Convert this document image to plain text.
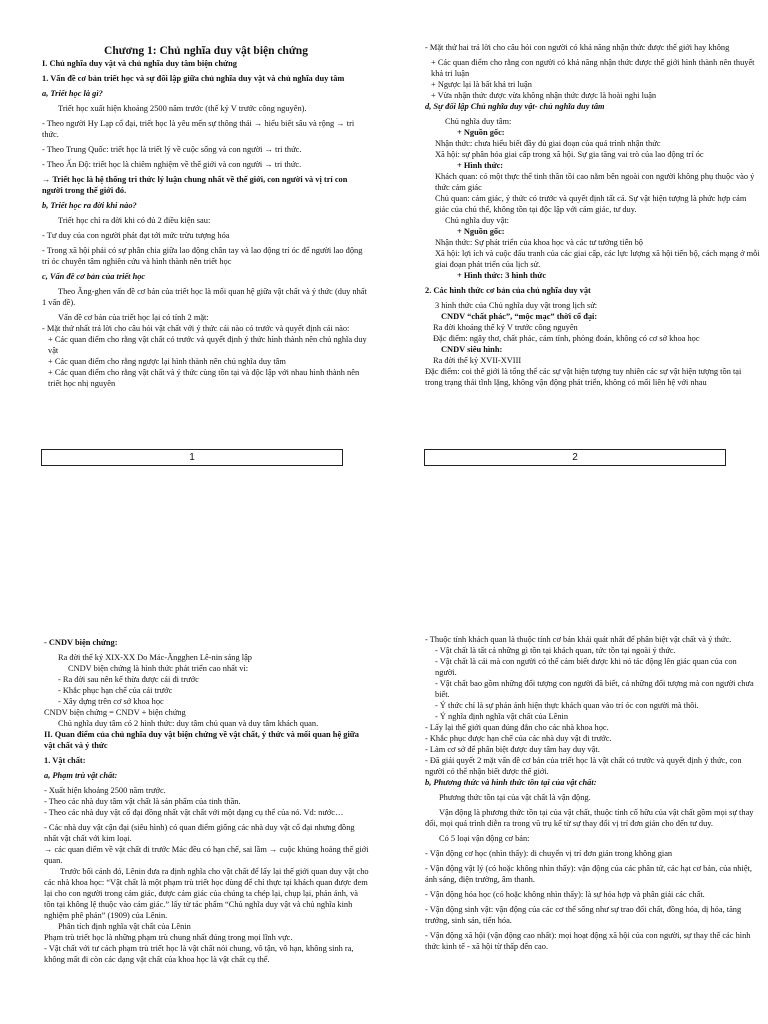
Chương 1: Chủ nghĩa duy vật biện chứng

I. Chủ nghĩa duy vật và chủ nghĩa duy tâm biện chứng

1. Vấn đề cơ bản triết học và sự đối lập giữa chủ nghĩa duy vật và chủ nghĩa duy tâm

a, Triết học là gì?

Triết học xuất hiện khoảng 2500 năm trước (thế kỷ V trước công nguyên).

- Theo người Hy Lạp cổ đại, triết học là yêu mến sự thông thái → hiểu biết sâu và rộng → tri thức.

- Theo Trung Quốc: triết học là triết lý về cuộc sống và con người → tri thức.

- Theo Ấn Độ: triết học là chiêm nghiệm về thế giới và con người → tri thức.

→ Triết học là hệ thống tri thức lý luận chung nhất về thế giới, con người và vị trí con người trong thế giới đó.

b, Triết học ra đời khi nào?

Triết học chỉ ra đời khi có đủ 2 điều kiện sau:

- Tư duy của con người phát đạt tới mức trừu tượng hóa

- Trong xã hội phải có sự phân chia giữa lao động chân tay và lao động trí óc để người lao động trí óc chuyên tâm nghiên cứu và hình thành nên triết học

c, Vấn đề cơ bản của triết học

Theo Ăng-ghen vấn đề cơ bản của triết học là mối quan hệ giữa vật chất và ý thức (duy nhất 1 vấn đề).

Vấn đề cơ bản của triết học lại có tính 2 mặt:

- Mặt thứ nhất trả lời cho câu hỏi vật chất với ý thức cái nào có trước và quyết định cái nào:

+ Các quan điểm cho rằng vật chất có trước và quyết định ý thức hình thành nên chủ nghĩa duy vật

+ Các quan điểm cho rằng ngược lại hình thành nên chủ nghĩa duy tâm

+ Các quan điểm cho rằng vật chất và ý thức cùng tồn tại và độc lập với nhau hình thành nên triết học nhị nguyên

1

- Mặt thứ hai trả lời cho câu hỏi con người có khả năng nhận thức được thế giới hay không

+ Các quan điểm cho rằng con người có khả năng nhận thức được thế giới hình thành nên thuyết khả tri luận

+ Ngược lại là bất khả tri luận

+ Vừa nhận thức được vừa không nhận thức được là hoài nghi luận

d, Sự đối lập Chủ nghĩa duy vật- chủ nghĩa duy tâm

Chủ nghĩa duy tâm:

+ Nguồn gốc:

Nhận thức: chưa hiểu biết đầy đủ giai đoạn của quá trình nhận thức

Xã hội: sự phân hóa giai cấp trong xã hội. Sự gia tăng vai trò của lao động trí óc

+ Hình thức:

Khách quan: có một thực thể tinh thần tồi cao nằm bên ngoài con người không phụ thuộc vào ý thức cảm giác

Chủ quan: cảm giác, ý thức có trước và quyết định tất cả. Sự vật hiện tượng là phức hợp cảm giác của chủ thể, không tồn tại độc lập với cảm giác, tư duy.

Chủ nghĩa duy vật:

+ Nguồn gốc:

Nhận thức: Sự phát triển của khoa học và các tư tưởng tiến bộ

Xã hội: lợi ích và cuộc đấu tranh của các giai cấp, các lực lượng xã hội tiến bộ, cách mạng ở mỗi giai đoạn phát triển của lịch sử.

+ Hình thức: 3 hình thức

2. Các hình thức cơ bản của chủ nghĩa duy vật

3 hình thức của Chủ nghĩa duy vật trong lịch sử:

CNDV “chất phác”, “mộc mạc” thời cổ đại:

Ra đời khoảng thế kỷ V trước công nguyên

Đặc điểm: ngây thơ, chất phác, cảm tính, phỏng đoán, không có cơ sở khoa học

CNDV siêu hình:

Ra đời thế kỷ XVII-XVIII

Đặc điểm: coi thế giới là tổng thể các sự vật hiện tượng tuy nhiên các sự vật hiện tượng tồn tại trong trạng thái tĩnh lặng, không vận động phát triển, không có mối liên hệ với nhau

2

- CNDV biện chứng:

Ra đời thế kỷ XIX-XX Do Mác-Ăngghen Lê-nin sáng lập

CNDV biện chứng là hình thức phát triển cao nhất vì:

- Ra đời sau nên kế thừa được cái đi trước

- Khắc phục hạn chế của cái trước

- Xây dựng trên cơ sở khoa học

CNDV biện chứng = CNDV + biện chứng

Chủ nghĩa duy tâm có 2 hình thức: duy tâm chủ quan và duy tâm khách quan.

II. Quan điểm của chủ nghĩa duy vật biện chứng về vật chất, ý thức và mối quan hệ giữa vật chất và ý thức

1. Vật chất:

a, Phạm trù vật chất:

- Xuất hiện khoảng 2500 năm trước.

- Theo các nhà duy tâm vật chất là sản phẩm của tinh thần.

- Theo các nhà duy vật cổ đại đồng nhất vật chất với một dạng cụ thể của nó. Vd: nước…

- Các nhà duy vật cận đại (siêu hình) có quan điểm giống các nhà duy vật cổ đại nhưng đồng nhất vật chất với kim loại.

→ các quan điểm về vật chất đi trước Mác đều có hạn chế, sai lầm → cuộc khủng hoảng thế giới quan.

Trước bối cảnh đó, Lênin đưa ra định nghĩa cho vật chất để lấy lại thế giới quan duy vật cho các nhà khoa học: “Vật chất là một phạm trù triết học dùng để chỉ thực tại khách quan được đem lại cho con người trong cảm giác, được cảm giác của chúng ta chép lại, chụp lại, phản ánh, và tồn tại không lệ thuộc vào cảm giác.” lấy từ tác phẩm “Chủ nghĩa duy vật và chủ nghĩa kinh nghiệm phê phán” (1909) của Lênin.

Phân tích định nghĩa vật chất của Lênin

Phạm trù triết học là những phạm trù chung nhất đúng trong mọi lĩnh vực.

- Vật chất với tư cách phạm trù triết học là vật chất nói chung, vô tận, vô hạn, không sinh ra, không mất đi còn các dạng vật chất của khoa học là vật chất cụ thể.

- Thuộc tính khách quan là thuộc tính cơ bản khái quát nhất để phân biệt vật chất và ý thức.

- Vật chất là tất cả những gì tồn tại khách quan, tức tồn tại ngoài ý thức.

- Vật chất là cái mà con người có thể cảm biết được khi nó tác động lên giác quan của con người.

- Vật chất bao gồm những đối tượng con người đã biết, cả những đối tượng mà con người chưa biết.

- Ý thức chỉ là sự phản ánh hiện thực khách quan vào trí óc con người mà thôi.

- Ý nghĩa định nghĩa vật chất của Lênin

- Lấy lại thế giới quan đúng đắn cho các nhà khoa học.

- Khắc phục được hạn chế của các nhà duy vật đi trước.

- Làm cơ sở để phân biệt được duy tâm hay duy vật.

- Đã giải quyết 2 mặt vấn đề cơ bản của triết học là vật chất có trước và quyết định ý thức, con người có thể nhận biết được thế giới.

b, Phương thức và hình thức tồn tại của vật chất:

Phương thức tồn tại của vật chất là vận động.

Vận động là phương thức tồn tại của vật chất, thuộc tính cố hữu của vật chất gồm mọi sự thay đổi, mọi quá trình diễn ra trong vũ trụ kể từ sự thay đổi vị trí đơn giản cho đến tư duy.

Có 5 loại vận động cơ bản:

- Vận động cơ học (nhìn thấy): di chuyển vị trí đơn giản trong không gian

- Vận động vật lý (có hoặc không nhìn thấy): vận động của các phân tử, các hạt cơ bản, của nhiệt, ánh sáng, điện trường, âm thanh.

- Vận động hóa học (có hoặc không nhìn thấy): là sự hóa hợp và phân giải các chất.

- Vận động sinh vật: vận động của các cơ thể sống như sự trao đổi chất, đồng hóa, dị hóa, tăng trưởng, sinh sản, tiến hóa.

- Vận động xã hội (vận động cao nhất): mọi hoạt động xã hội của con người, sự thay thế các hình thức kinh tế - xã hội từ thấp đến cao.
